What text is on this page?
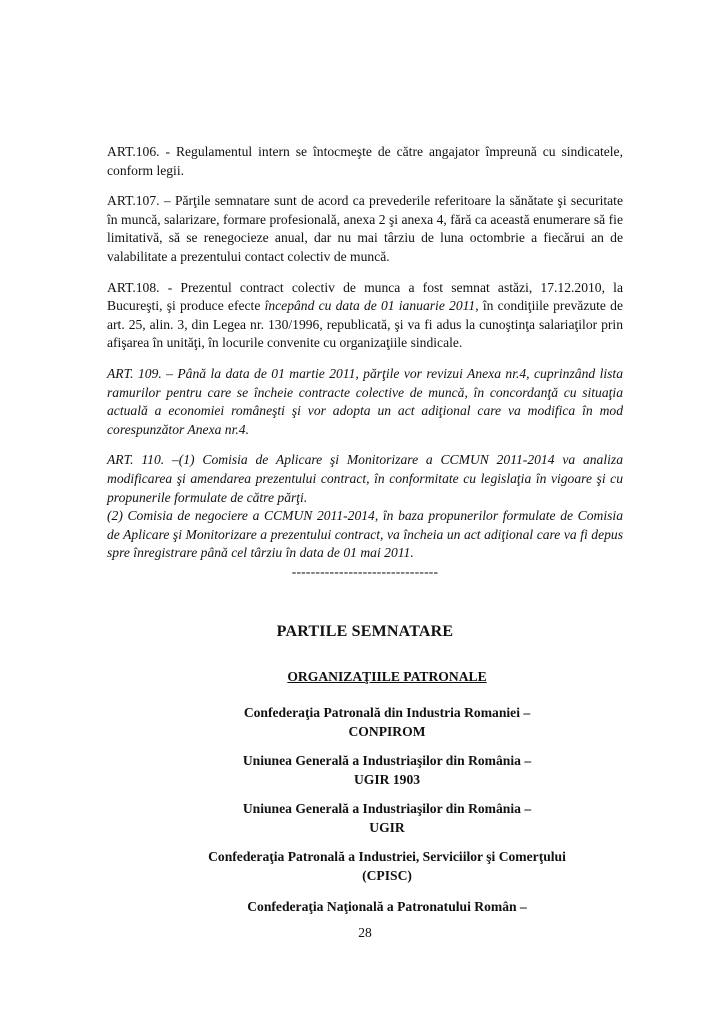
ART.106. - Regulamentul intern se întocmeşte de către angajator împreună cu sindicatele, conform legii.

ART.107. – Părţile semnatare sunt de acord ca prevederile referitoare la sănătate şi securitate în muncă, salarizare, formare profesională, anexa 2 şi anexa 4, fără ca această enumerare să fie limitativă, să se renegocieze anual, dar nu mai târziu de luna octombrie a fiecărui an de valabilitate a prezentului contact colectiv de muncă.

ART.108. - Prezentul contract colectiv de munca a fost semnat astăzi, 17.12.2010, la Bucureşti, şi produce efecte începând cu data de 01 ianuarie 2011, în condiţiile prevăzute de art. 25, alin. 3, din Legea nr. 130/1996, republicată, şi va fi adus la cunoştinţa salariaţilor prin afişarea în unităţi, în locurile convenite cu organizaţiile sindicale.

ART. 109. – Până la data de 01 martie 2011, părţile vor revizui Anexa nr.4, cuprinzând lista ramurilor pentru care se încheie contracte colective de muncă, în concordanţă cu situaţia actuală a economiei româneşti şi vor adopta un act adiţional care va modifica în mod corespunzător Anexa nr.4.

ART. 110. –(1) Comisia de Aplicare şi Monitorizare a CCMUN 2011-2014 va analiza modificarea şi amendarea prezentului contract, în conformitate cu legislaţia în vigoare şi cu propunerile formulate de către părţi.

(2) Comisia de negociere a CCMUN 2011-2014, în baza propunerilor formulate de Comisia de Aplicare şi Monitorizare a prezentului contract, va încheia un act adiţional care va fi depus spre înregistrare până cel târziu în data de 01 mai 2011.

-------------------------------

PARTILE SEMNATARE
ORGANIZAŢIILE PATRONALE
Confederaţia Patronală din Industria Romaniei –
CONPIROM
Uniunea Generală a Industriaşilor din România –
UGIR 1903
Uniunea Generală a Industriaşilor din România –
UGIR
Confederaţia Patronală a Industriei, Serviciilor şi Comerţului
(CPISC)
Confederaţia Naţională a Patronatului Român –
28
